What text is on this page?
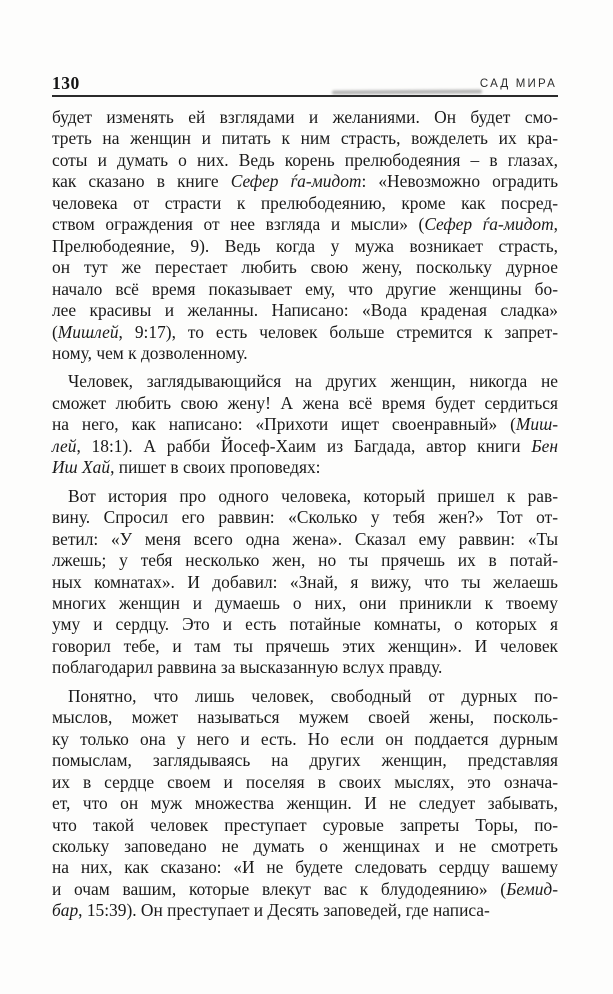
130	САД МИРА
будет изменять ей взглядами и желаниями. Он будет смо-
треть на женщин и питать к ним страсть, вожделеть их кра-
соты и думать о них. Ведь корень прелюбодеяния – в глазах,
как сказано в книге Сефер ѓа-мидот: «Невозможно оградить
человека от страсти к прелюбодеянию, кроме как посред-
ством ограждения от нее взгляда и мысли» (Сефер ѓа-мидот,
Прелюбодеяние, 9). Ведь когда у мужа возникает страсть,
он тут же перестает любить свою жену, поскольку дурное
начало всё время показывает ему, что другие женщины бо-
лее красивы и желанны. Написано: «Вода краденая сладка»
(Мишлей, 9:17), то есть человек больше стремится к запрет-
ному, чем к дозволенному.
Человек, заглядывающийся на других женщин, никогда не
сможет любить свою жену! А жена всё время будет сердиться
на него, как написано: «Прихоти ищет своенравный» (Миш-
лей, 18:1). А рабби Йосеф-Хаим из Багдада, автор книги Бен
Иш Хай, пишет в своих проповедях:
Вот история про одного человека, который пришел к рав-
вину. Спросил его раввин: «Сколько у тебя жен?» Тот от-
ветил: «У меня всего одна жена». Сказал ему раввин: «Ты
лжешь; у тебя несколько жен, но ты прячешь их в потай-
ных комнатах». И добавил: «Знай, я вижу, что ты желаешь
многих женщин и думаешь о них, они приникли к твоему
уму и сердцу. Это и есть потайные комнаты, о которых я
говорил тебе, и там ты прячешь этих женщин». И человек
поблагодарил раввина за высказанную вслух правду.
Понятно, что лишь человек, свободный от дурных по-
мыслов, может называться мужем своей жены, посколь-
ку только она у него и есть. Но если он поддается дурным
помыслам, заглядываясь на других женщин, представляя
их в сердце своем и поселяя в своих мыслях, это означа-
ет, что он муж множества женщин. И не следует забывать,
что такой человек преступает суровые запреты Торы, по-
скольку заповедано не думать о женщинах и не смотреть
на них, как сказано: «И не будете следовать сердцу вашему
и очам вашим, которые влекут вас к блудодеянию» (Бемид-
бар, 15:39). Он преступает и Десять заповедей, где написа-
